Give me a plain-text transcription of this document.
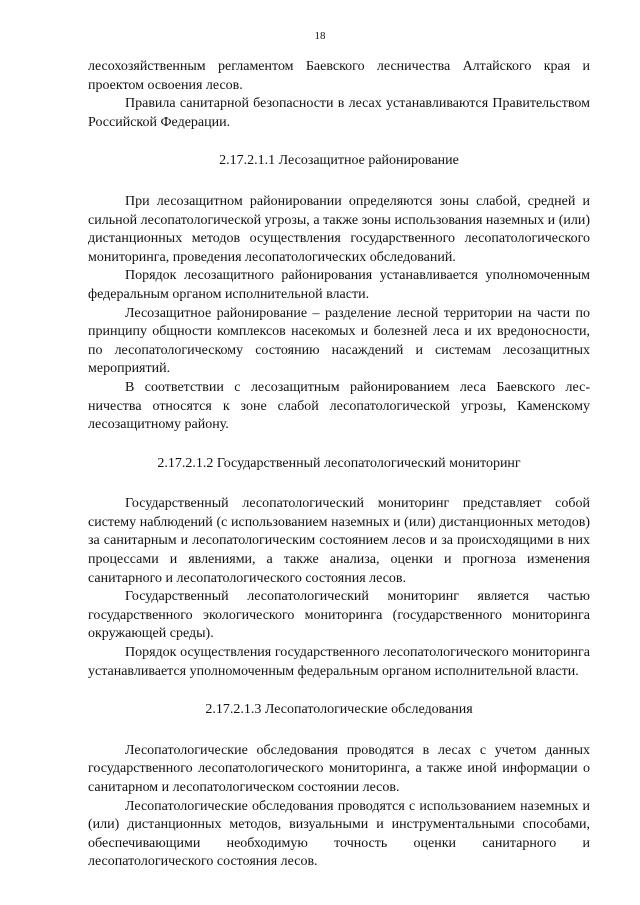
18

лесохозяйственным регламентом Баевского лесничества Алтайского края и проектом освоения лесов.

Правила санитарной безопасности в лесах устанавливаются Правительством Российской Федерации.

2.17.2.1.1 Лесозащитное районирование

При лесозащитном районировании определяются зоны слабой, средней и сильной лесопатологической угрозы, а также зоны использования наземных и (или) дистанционных методов осуществления государственного лесопатологического мониторинга, проведения лесопатологических обследований.

Порядок лесозащитного районирования устанавливается уполномоченным федеральным органом исполнительной власти.

Лесозащитное районирование – разделение лесной территории на части по принципу общности комплексов насекомых и болезней леса и их вредоносности, по лесопатологическому состоянию насаждений и системам лесозащитных мероприятий.

В соответствии с лесозащитным районированием леса Баевского лесничества относятся к зоне слабой лесопатологической угрозы, Каменскому лесозащитному району.

2.17.2.1.2 Государственный лесопатологический мониторинг

Государственный лесопатологический мониторинг представляет собой систему наблюдений (с использованием наземных и (или) дистанционных методов) за санитарным и лесопатологическим состоянием лесов и за происходящими в них процессами и явлениями, а также анализа, оценки и прогноза изменения санитарного и лесопатологического состояния лесов.

Государственный лесопатологический мониторинг является частью государственного экологического мониторинга (государственного мониторинга окружающей среды).

Порядок осуществления государственного лесопатологического мониторинга устанавливается уполномоченным федеральным органом исполнительной власти.

2.17.2.1.3 Лесопатологические обследования

Лесопатологические обследования проводятся в лесах с учетом данных государственного лесопатологического мониторинга, а также иной информации о санитарном и лесопатологическом состоянии лесов.

Лесопатологические обследования проводятся с использованием наземных и (или) дистанционных методов, визуальными и инструментальными способами, обеспечивающими необходимую точность оценки санитарного и лесопатологического состояния лесов.
